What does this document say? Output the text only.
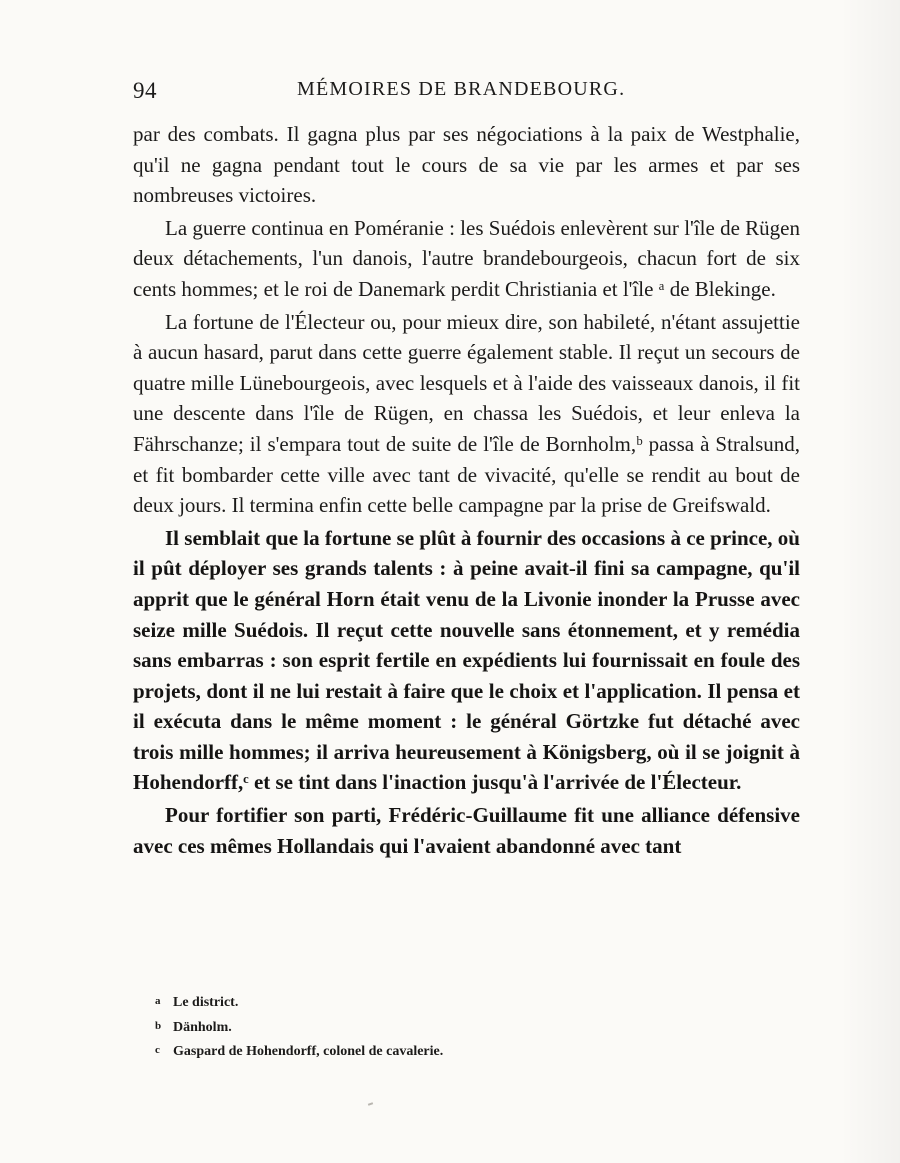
94	MÉMOIRES DE BRANDEBOURG.

par des combats. Il gagna plus par ses négociations à la paix de Westphalie, qu'il ne gagna pendant tout le cours de sa vie par les armes et par ses nombreuses victoires.

La guerre continua en Poméranie : les Suédois enlevèrent sur l'île de Rügen deux détachements, l'un danois, l'autre brandebourgeois, chacun fort de six cents hommes; et le roi de Danemark perdit Christiania et l'île ᵃ de Blekinge.

La fortune de l'Électeur ou, pour mieux dire, son habileté, n'étant assujettie à aucun hasard, parut dans cette guerre également stable. Il reçut un secours de quatre mille Lünebourgeois, avec lesquels et à l'aide des vaisseaux danois, il fit une descente dans l'île de Rügen, en chassa les Suédois, et leur enleva la Fährschanze; il s'empara tout de suite de l'île de Bornholm,ᵇ passa à Stralsund, et fit bombarder cette ville avec tant de vivacité, qu'elle se rendit au bout de deux jours. Il termina enfin cette belle campagne par la prise de Greifswald.

Il semblait que la fortune se plût à fournir des occasions à ce prince, où il pût déployer ses grands talents : à peine avait-il fini sa campagne, qu'il apprit que le général Horn était venu de la Livonie inonder la Prusse avec seize mille Suédois. Il reçut cette nouvelle sans étonnement, et y remédia sans embarras : son esprit fertile en expédients lui fournissait en foule des projets, dont il ne lui restait à faire que le choix et l'application. Il pensa et il exécuta dans le même moment : le général Görtzke fut détaché avec trois mille hommes; il arriva heureusement à Königsberg, où il se joignit à Hohendorff,ᶜ et se tint dans l'inaction jusqu'à l'arrivée de l'Électeur.

Pour fortifier son parti, Frédéric-Guillaume fit une alliance défensive avec ces mêmes Hollandais qui l'avaient abandonné avec tant

a Le district.
b Dänholm.
c Gaspard de Hohendorff, colonel de cavalerie.
